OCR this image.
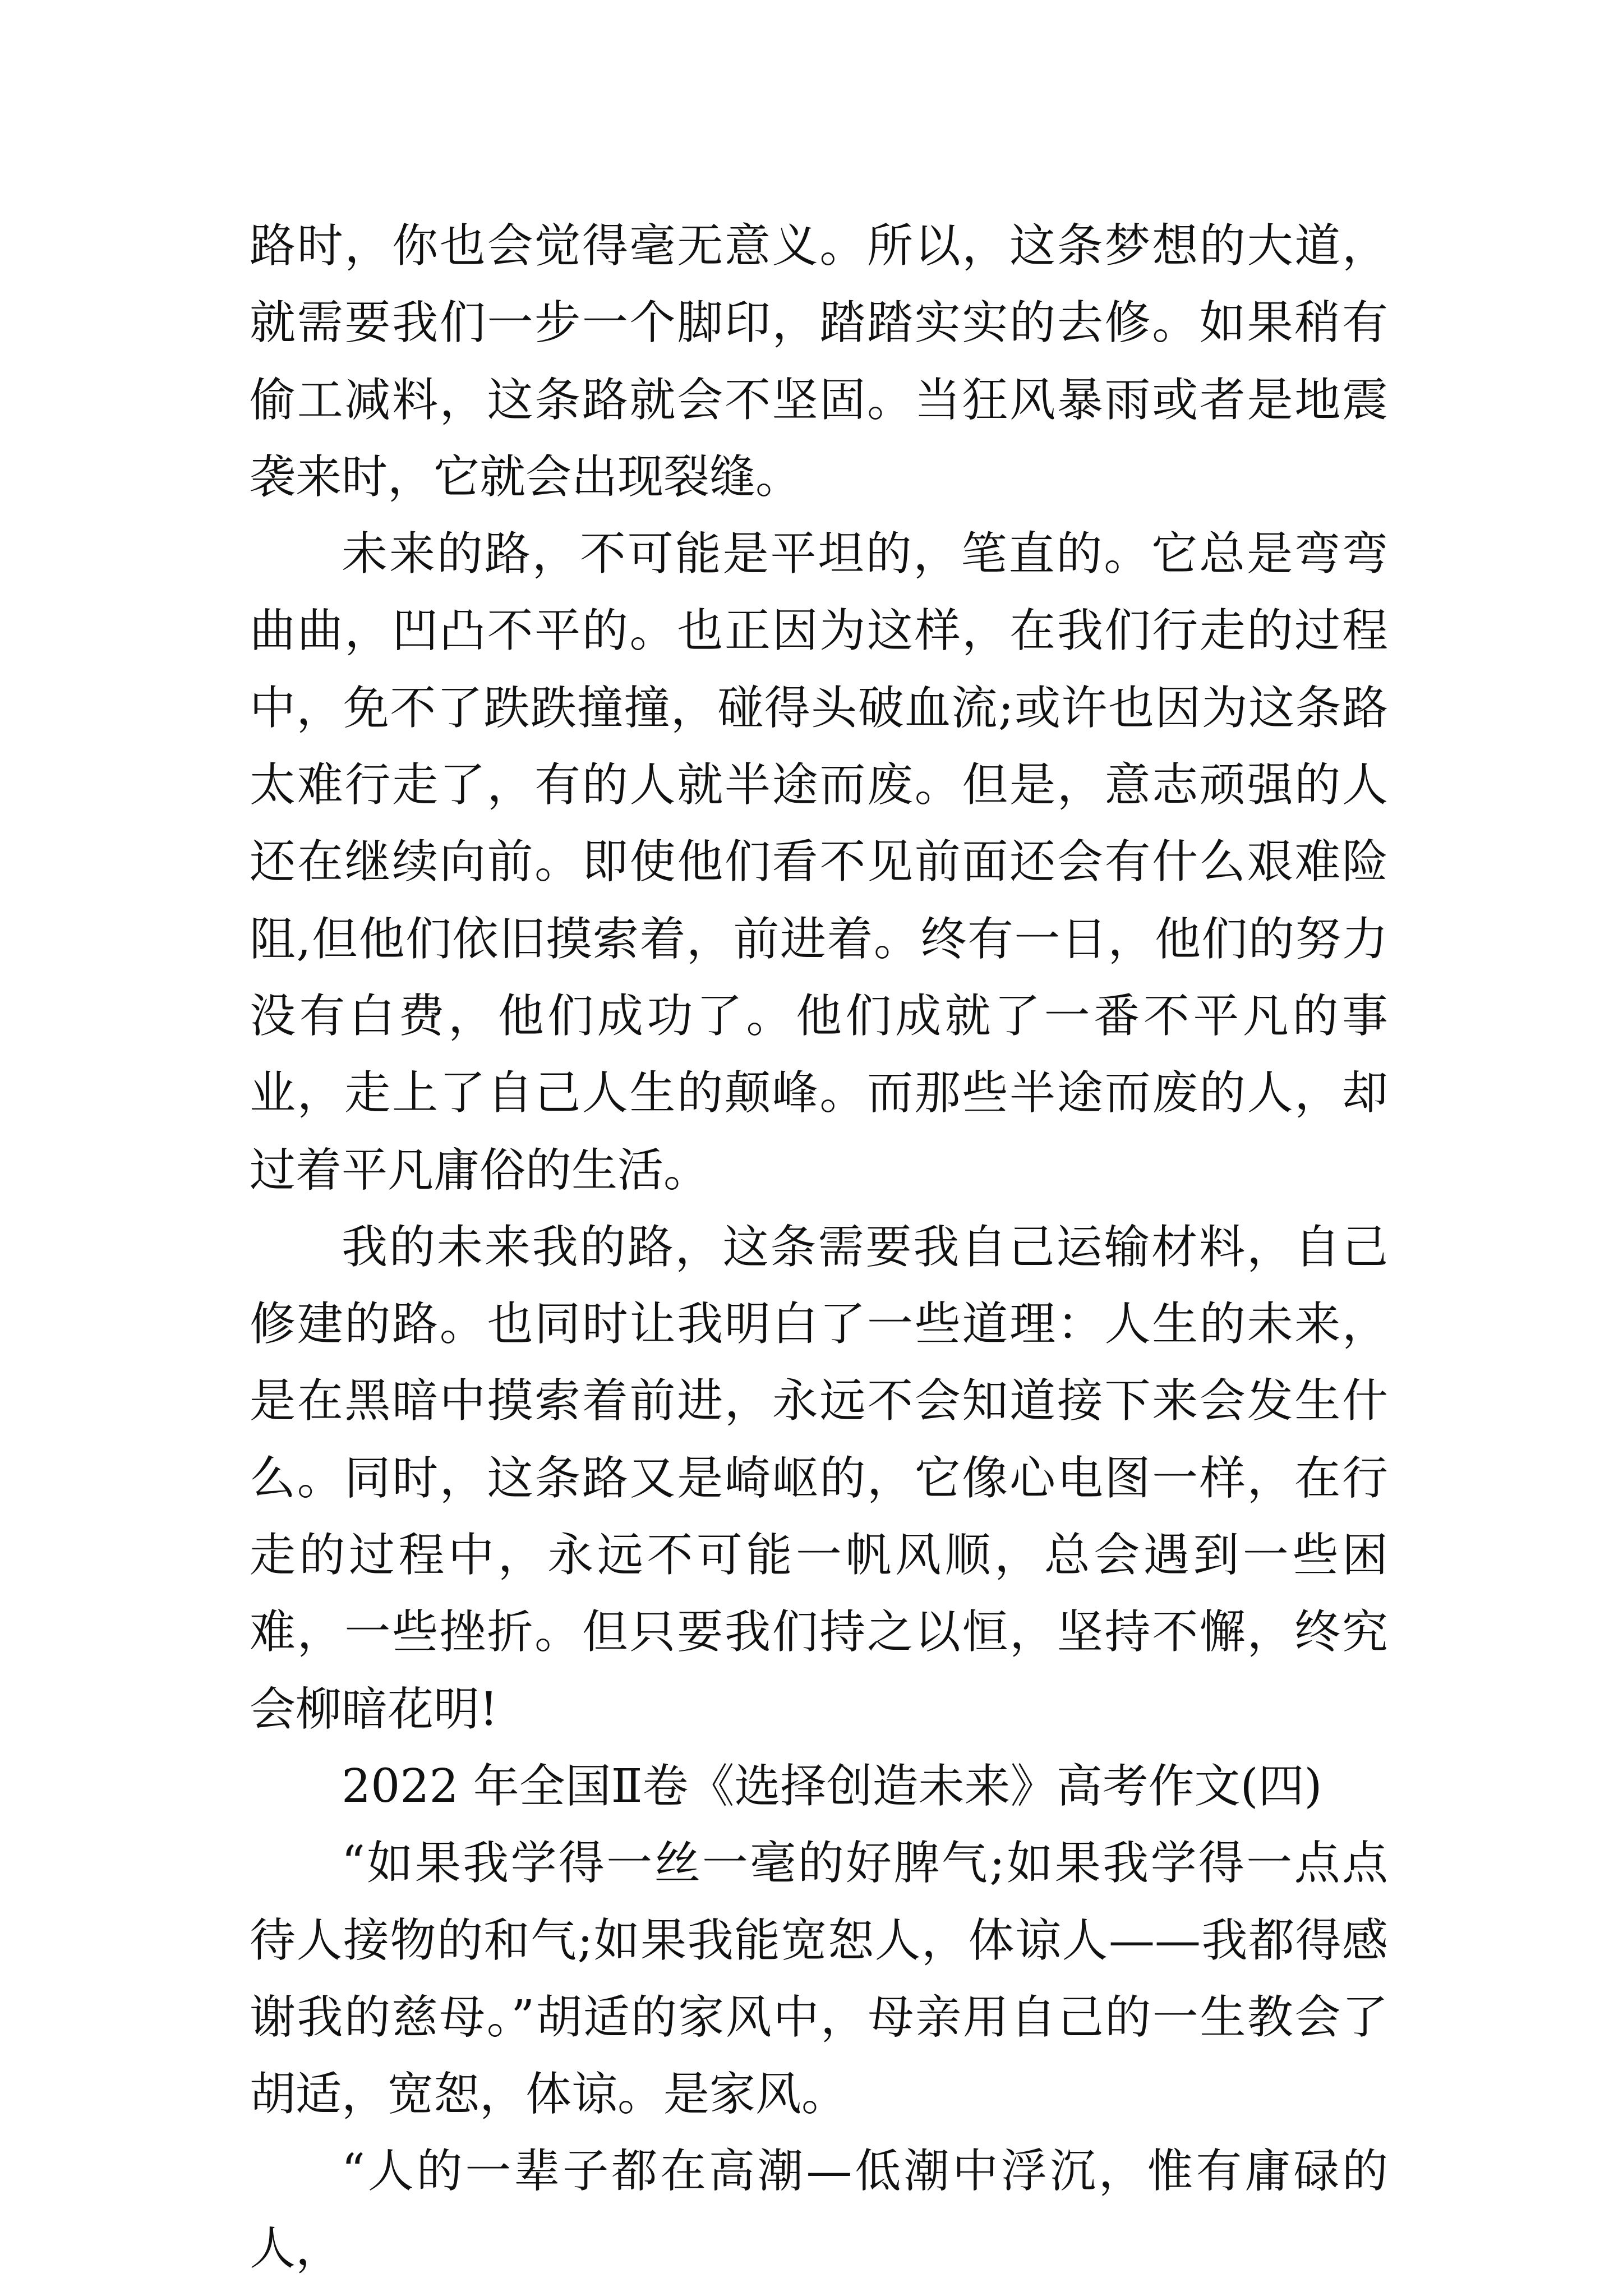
路时，你也会觉得毫无意义。所以，这条梦想的大道，就需要我们一步一个脚印，踏踏实实的去修。如果稍有偷工减料，这条路就会不坚固。当狂风暴雨或者是地震袭来时，它就会出现裂缝。

未来的路，不可能是平坦的，笔直的。它总是弯弯曲曲，凹凸不平的。也正因为这样，在我们行走的过程中，免不了跌跌撞撞，碰得头破血流;或许也因为这条路太难行走了，有的人就半途而废。但是，意志顽强的人还在继续向前。即使他们看不见前面还会有什么艰难险阻,但他们依旧摸索着，前进着。终有一日，他们的努力没有白费，他们成功了。他们成就了一番不平凡的事业，走上了自己人生的颠峰。而那些半途而废的人，却过着平凡庸俗的生活。

我的未来我的路，这条需要我自己运输材料，自己修建的路。也同时让我明白了一些道理：人生的未来，是在黑暗中摸索着前进，永远不会知道接下来会发生什么。同时，这条路又是崎岖的，它像心电图一样，在行走的过程中，永远不可能一帆风顺，总会遇到一些困难，一些挫折。但只要我们持之以恒，坚持不懈，终究会柳暗花明!

2022 年全国Ⅱ卷《选择创造未来》高考作文(四)

“如果我学得一丝一毫的好脾气;如果我学得一点点待人接物的和气;如果我能宽恕人，体谅人——我都得感谢我的慈母。”胡适的家风中，母亲用自己的一生教会了胡适，宽恕，体谅。是家风。

“人的一辈子都在高潮—低潮中浮沉，惟有庸碌的人，
